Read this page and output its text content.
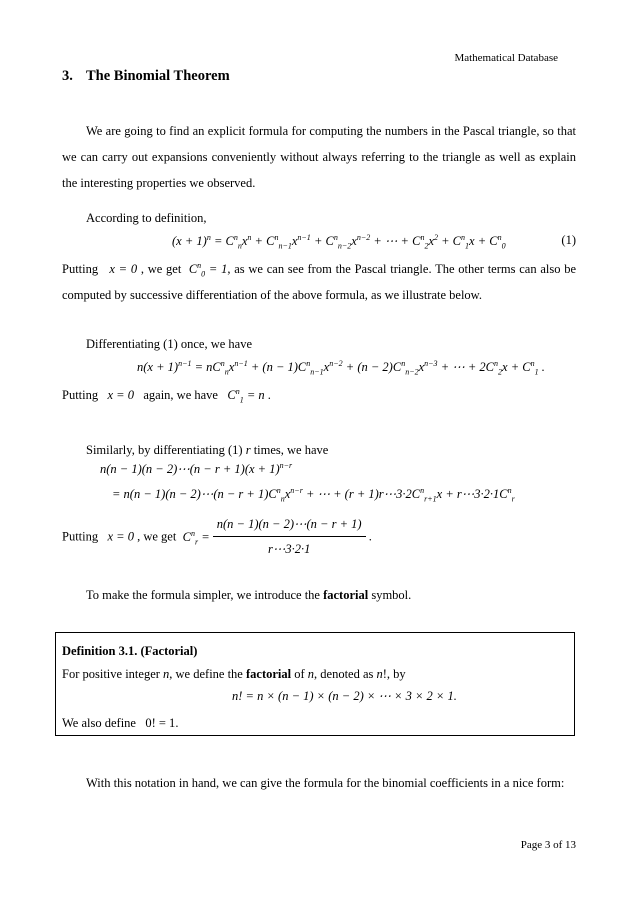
Mathematical Database
3. The Binomial Theorem
We are going to find an explicit formula for computing the numbers in the Pascal triangle, so that we can carry out expansions conveniently without always referring to the triangle as well as explain the interesting properties we observed.
According to definition,
$(x + 1)^n = C^n_nx^n + C^n_{n-1}x^{n-1} + C^n_{n-2}x^{n-2}$ + ⋯ + $C^n_2x^2 + C^n_1x + C^n_0$	(1)
Putting x = 0 , we get $C^n_0 = 1$, as we can see from the Pascal triangle. The other terms can also be computed by successive differentiation of the above formula, as we illustrate below.
Differentiating (1) once, we have
$n(x + 1)^{n-1} = nC^n_nx^{n-1} + (n - 1)C^n_{n-1}x^{n-2} + (n - 2)C^n_{n-2}x^{n-3}$ + ⋯ + $2C^n_2x + C^n_1$ .
Putting x = 0 again, we have $C^n_1 = n$ .
Similarly, by differentiating (1) r times, we have
n(n − 1)(n − 2)⋯(n − $r + 1)(x + 1)^{n-r}$
= n(n − 1)(n − 2)⋯(n − $r + 1)C^n_nx^{n-r}$ + ⋯ + $(r + 1)r\cdots 3\cdot 2C^n_{r+1}x$ + $r\cdots 3\cdot 2\cdot 1C^n_r$
Putting x = 0 , we get $C^n_r = \frac{n(n - 1)(n - 2)\cdots(n - r + 1)}{r\cdots 3\cdot 2\cdot 1}$ .
To make the formula simpler, we introduce the factorial symbol.
Definition 3.1. (Factorial)
For positive integer n, we define the factorial of n, denoted as n!, by
n! = n × (n − 1) × (n − 2) × ⋯ × 3 × 2 × 1.
We also define 0! = 1.
With this notation in hand, we can give the formula for the binomial coefficients in a nice form:
Page 3 of 13
